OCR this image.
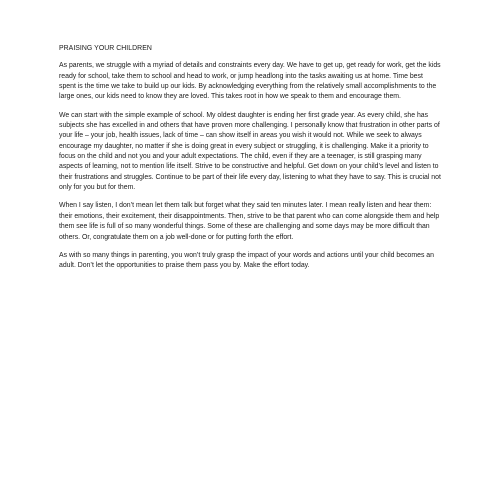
PRAISING YOUR CHILDREN

As parents, we struggle with a myriad of details and constraints every day. We have to get up, get ready for work, get the kids ready for school, take them to school and head to work, or jump headlong into the tasks awaiting us at home. Time best spent is the time we take to build up our kids. By acknowledging everything from the relatively small accomplishments to the large ones, our kids need to know they are loved. This takes root in how we speak to them and encourage them.

We can start with the simple example of school. My oldest daughter is ending her first grade year. As every child, she has subjects she has excelled in and others that have proven more challenging. I personally know that frustration in other parts of your life – your job, health issues, lack of time – can show itself in areas you wish it would not. While we seek to always encourage my daughter, no matter if she is doing great in every subject or struggling, it is challenging. Make it a priority to focus on the child and not you and your adult expectations. The child, even if they are a teenager, is still grasping many aspects of learning, not to mention life itself. Strive to be constructive and helpful. Get down on your child’s level and listen to their frustrations and struggles. Continue to be part of their life every day, listening to what they have to say. This is crucial not only for you but for them.

When I say listen, I don’t mean let them talk but forget what they said ten minutes later. I mean really listen and hear them: their emotions, their excitement, their disappointments. Then, strive to be that parent who can come alongside them and help them see life is full of so many wonderful things. Some of these are challenging and some days may be more difficult than others. Or, congratulate them on a job well-done or for putting forth the effort.

As with so many things in parenting, you won’t truly grasp the impact of your words and actions until your child becomes an adult. Don’t let the opportunities to praise them pass you by. Make the effort today.
